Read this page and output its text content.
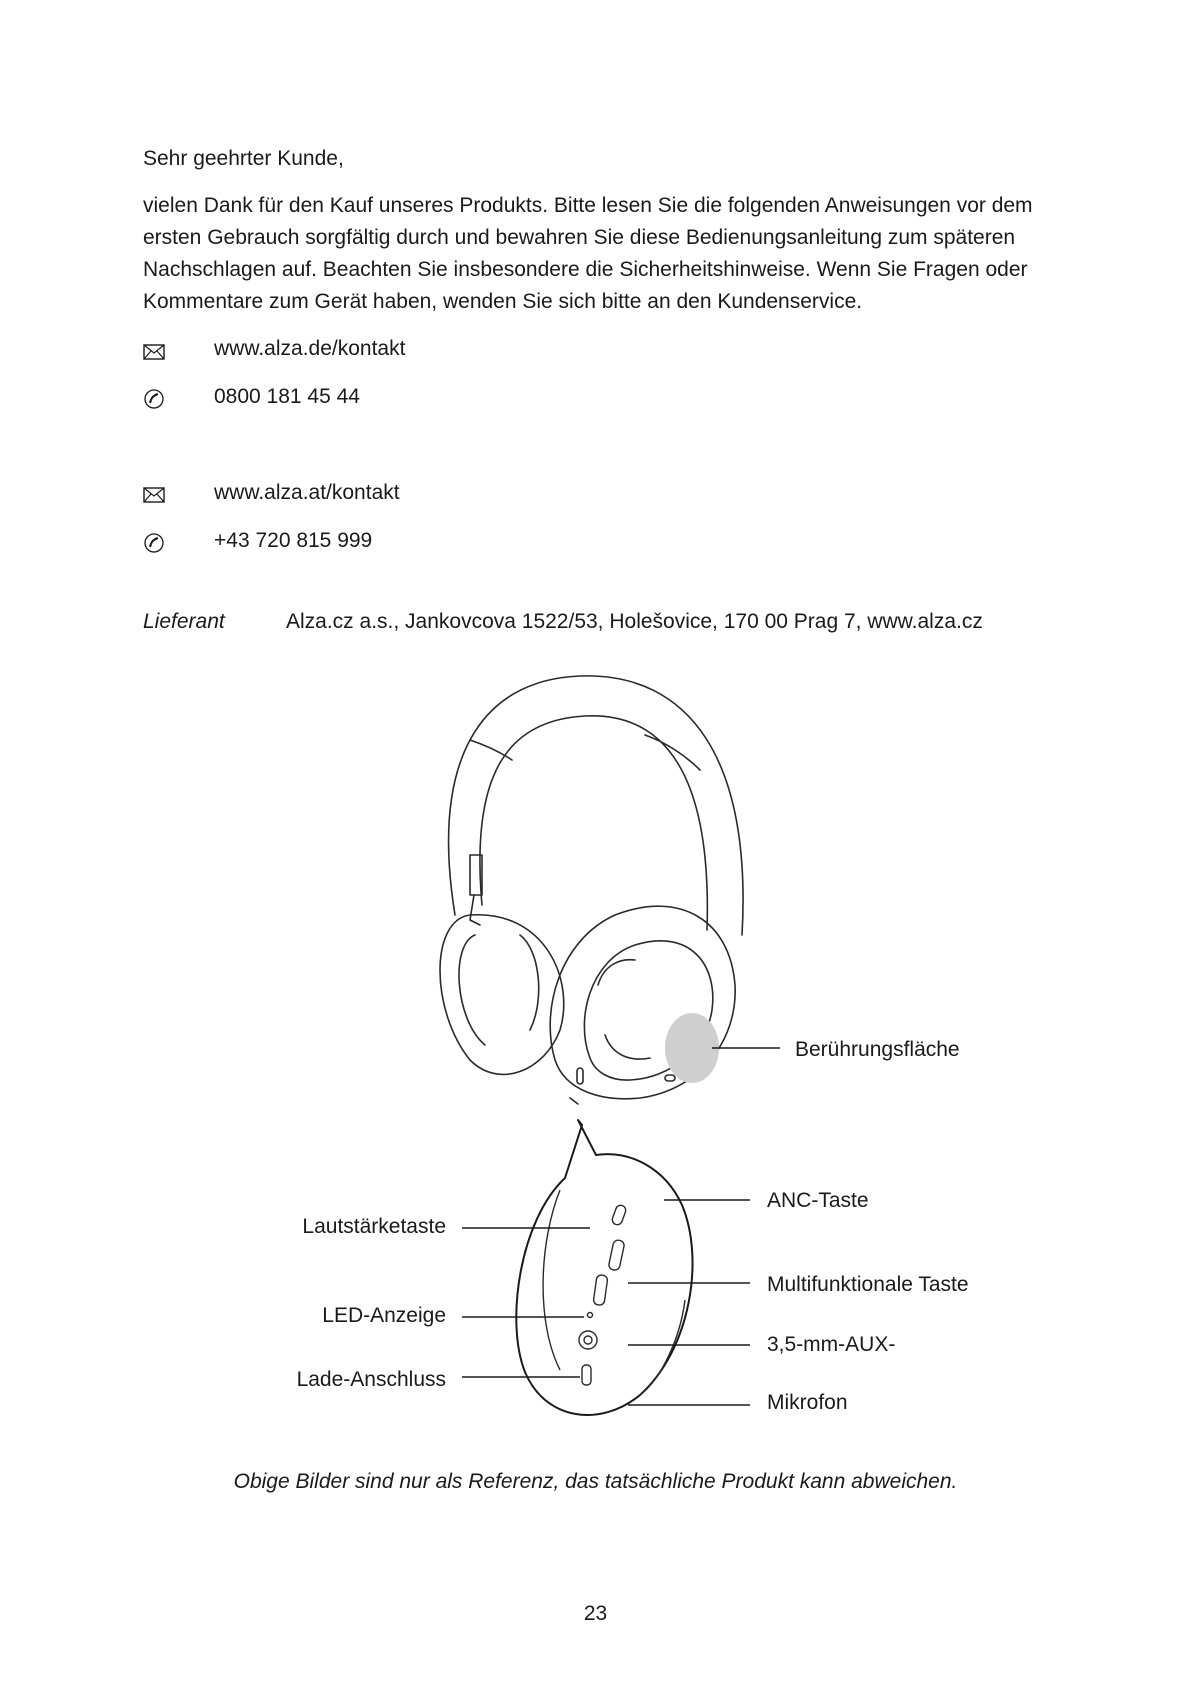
Sehr geehrter Kunde,
vielen Dank für den Kauf unseres Produkts. Bitte lesen Sie die folgenden Anweisungen vor dem ersten Gebrauch sorgfältig durch und bewahren Sie diese Bedienungsanleitung zum späteren Nachschlagen auf. Beachten Sie insbesondere die Sicherheitshinweise. Wenn Sie Fragen oder Kommentare zum Gerät haben, wenden Sie sich bitte an den Kundenservice.
www.alza.de/kontakt
0800 181 45 44
www.alza.at/kontakt
+43 720 815 999
Lieferant	Alza.cz a.s., Jankovcova 1522/53, Holešovice, 170 00 Prag 7, www.alza.cz
Berührungsfläche
ANC-Taste
Lautstärketaste
Multifunktionale Taste
LED-Anzeige
3,5-mm-AUX-
Lade-Anschluss
Mikrofon
Obige Bilder sind nur als Referenz, das tatsächliche Produkt kann abweichen.
23
